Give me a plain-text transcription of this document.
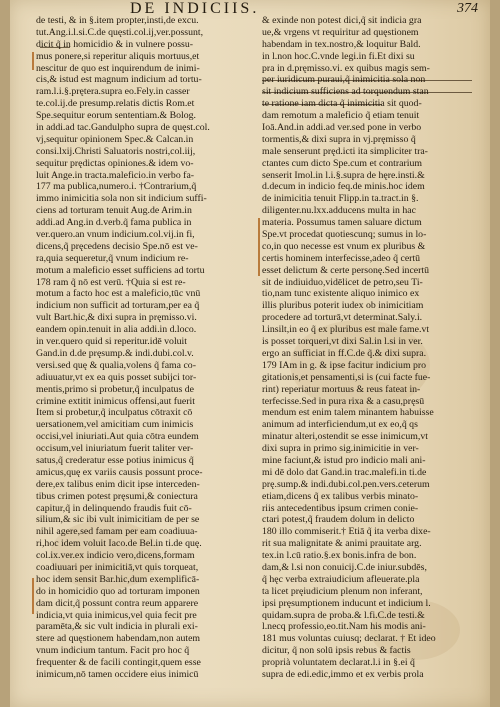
DE INDICIIS.	374
de testi, & in §.item propter,insti,de excu.
tut.Ang.i.l.si.C.de quęsti.col.ij,ver.possunt,
dicit q̃ in homicidio & in vulnere possu-
mus ponere,si reperitur aliquis mortuus,et
nescitur de quo est inquirendum de inimi-
cis,& istud est magnum indicium ad tortu-
ram.l.i.§.prętera.supra eo.Fely.in casser
te.col.ij.de presump.relatis dictis Rom.et
Spe.sequitur eorum sententiam.& Bolog.
in addi.ad tac.Gandulpho supra de quęst.col.
vj,sequitur opinionem Spec.& Calcan.in
consi.lxij.Christi Saluatoris nostri,col.iij,
sequitur prędictas opiniones.& idem vo-
luit Ange.in tracta.maleficio.in verbo fa-
177 ma publica,numero.i. †Contrarium,q̃
immo inimicitia sola non sit indicium suffi-
ciens ad torturam tenuit Aug.de Arim.in
addi.ad Ang.in d.verb.q̃ fama publica in
ver.quero.an vnum indicium.col.vij.in fi,
dicens,q̃ pręcedens decisio Spe.nō est ve-
ra,quia sequeretur,q̃ vnum indicium re-
motum a maleficio esset sufficiens ad tortu
178 ram q̃ nō est verū. †Quia si est re-
motum a facto hoc est a maleficio,tūc vnū
indicium non sufficit ad torturam,per ea q̃
vult Bart.hic,& dixi supra in pręmisso.vi.
eandem opin.tenuit in alia addi.in d.loco.
in ver.quero quid si reperitur.idē voluit
Gand.in d.de pręsump.& indi.dubi.col.v.
versi.sed quę & qualia,volens q̃ fama co-
adiuuatur,vt ex ea quis posset subijci tor-
mentis,primo si probetur,q̃ inculpatus de
crimine extitit inimicus offensi,aut fuerit
Item si probetur,q̃ inculpatus cōtraxit cō
uersationem,vel amicitiam cum inimicis
occisi,vel iniuriati.Aut quia cōtra eundem
occisum,vel iniuriatum fuerit taliter ver-
satus,q̃ crederatur esse potius inimicus q̃
amicus,quę ex variis causis possunt proce-
dere,ex talibus enim dicit ipse interceden-
tibus crimen potest pręsumi,& coniectura
capitur,q̃ in delinquendo fraudis fuit cō-
silium,& sic ibi vult inimicitiam de per se
nihil agere,sed famam per eam coadiuua-
ri,hoc idem voluit Iaco.de Bel.in ti.de quę.
col.ix.ver.ex indicio vero,dicens,formam
coadiuuari per inimicitiā,vt quis torqueat,
hoc idem sensit Bar.hic,dum exemplificā-
do in homicidio quo ad torturam imponen
dam dicit,q̃ possunt contra reum apparere
indicia,vt quia inimicus,vel quia fecit pre
paramēta,& sic vult indicia in plurali exi-
stere ad quęstionem habendam,non autem
vnum indicium tantum. Facit pro hoc q̃
frequenter & de facili contingit,quem esse
inimicum,nō tamen occidere eius inimicū
& exinde non potest dici,q̃ sit indicia gra
ue,& vrgens vt requiritur ad quęstionem
habendam in tex.nostro,& loquitur Bald.
in l.non hoc.C.vnde legi.in fi.Et dixi su
pra in d.pręmisso.vi. ex quibus magis sem-
per iuridicum puraui,q̃ inimicitia sola non
sit indicium sufficiens ad torquendum stan
te ratione iam dicta q̃ inimicitia sit quod-
dam remotum a maleficio q̃ etiam tenuit
Ioā.And.in addi.ad ver.sed pone in verbo
tormentis,& dixi supra in vj.pręmisso q̃
male senserunt pręd.icti ita simpliciter tra-
ctantes cum dicto Spe.cum et contrarium
senserit Imol.in l.i.§.supra de hęre.insti.&
d.decum in indicio feq.de minis.hoc idem
de inimicitia tenuit Flipp.in ta.tract.in §.
diligenter.nu.lxx.adducens multa in hac
materia. Possumus tamen saluare dictum
Spe.vt procedat quotiescunq; sumus in lo-
co,in quo necesse est vnum ex pluribus &
certis hominem interfecisse,adeo q̃ certū
esset delictum & certe personę.Sed incertū
sit de indiuiduo,vidēlicet de petro,seu Ti-
tio,nam tunc existente aliquo inimico ex
illis pluribus poterit iudex ob inimicitiam
procedere ad torturā,vt determinat.Saly.i.
l.insilt,in eo q̃ ex pluribus est male fame.vt
is posset torqueri,vt dixi Sal.in l.si in ver.
ergo an sufficiat in ff.C.de q̃.& dixi supra.
179 IAm in g. & ipse facitur indicium pro
gitationis,et pensamenti,si is (cui facte fue-
rint) reperiatur mortuus & reus fateat in-
terfecisse.Sed in pura rixa & a casu,pręsū
mendum est enim talem minantem habuisse
animum ad interficiendum,ut ex eo,q̃ qs
minatur alteri,ostendit se esse inimicum,vt
dixi supra in primo sig.inimicitie in ver-
mine faciunt,& istud pro indicio mali ani-
mi dē dolo dat Gand.in trac.malefi.in ti.de
prę.sump.& indi.dubi.col.pen.vers.ceterum
etiam,dicens q̃ ex talibus verbis minato-
riis antecedentibus ipsum crimen conie-
ctari potest,q̃ fraudem dolum in delicto
180 illo commiserit.† Etiā q̃ ita verba dixe-
rit sua malignitate & animi prauitate arg.
tex.in l.cū ratio.§.ex bonis.infra de bon.
dam,& l.si non conuicij.C.de iniur.subdēs,
q̃ hęc verba extraiudicium afleuerate.pla
ta licet pręiudicium plenum non inferant,
ipsi pręsumptionem inducunt et indicium l.
quidam.supra de proba.& l.fi.C.de testi.&
l.necq professio,eo.tit.Nam his modis ani-
181 mus voluntas cuiusq; declarat. † Et ideo
dicitur, q̃ non solū ipsis rebus & factis
proprià voluntatem declarat.l.i in §.ei q̃
supra de edi.edic,immo et ex verbis prola
